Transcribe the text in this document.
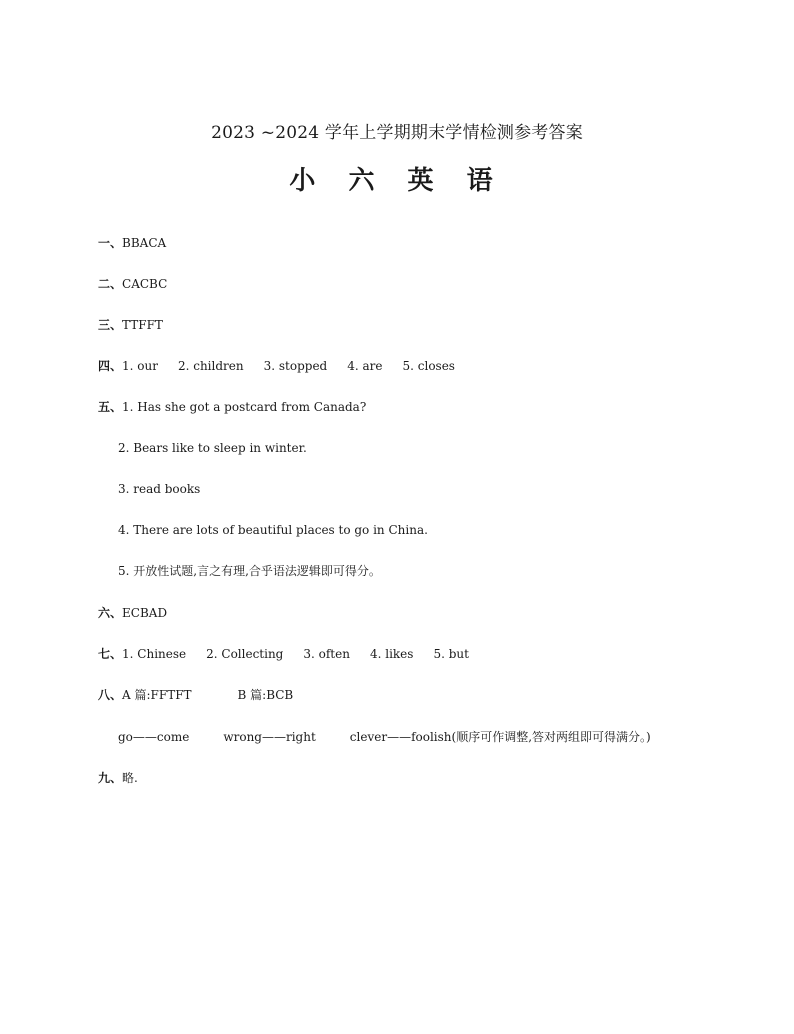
2023 ~2024 学年上学期期末学情检测参考答案
小 六 英 语
一、BBACA
二、CACBC
三、TTFFT
四、1. our 2. children 3. stopped 4. are 5. closes
五、1. Has she got a postcard from Canada?
2. Bears like to sleep in winter.
3. read books
4. There are lots of beautiful places to go in China.
5. 开放性试题,言之有理,合乎语法逻辑即可得分。
六、ECBAD
七、1. Chinese 2. Collecting 3. often 4. likes 5. but
八、A 篇:FFTFT	B 篇:BCB
go——come	wrong——right	clever——foolish(顺序可作调整,答对两组即可得满分。)
九、略.
